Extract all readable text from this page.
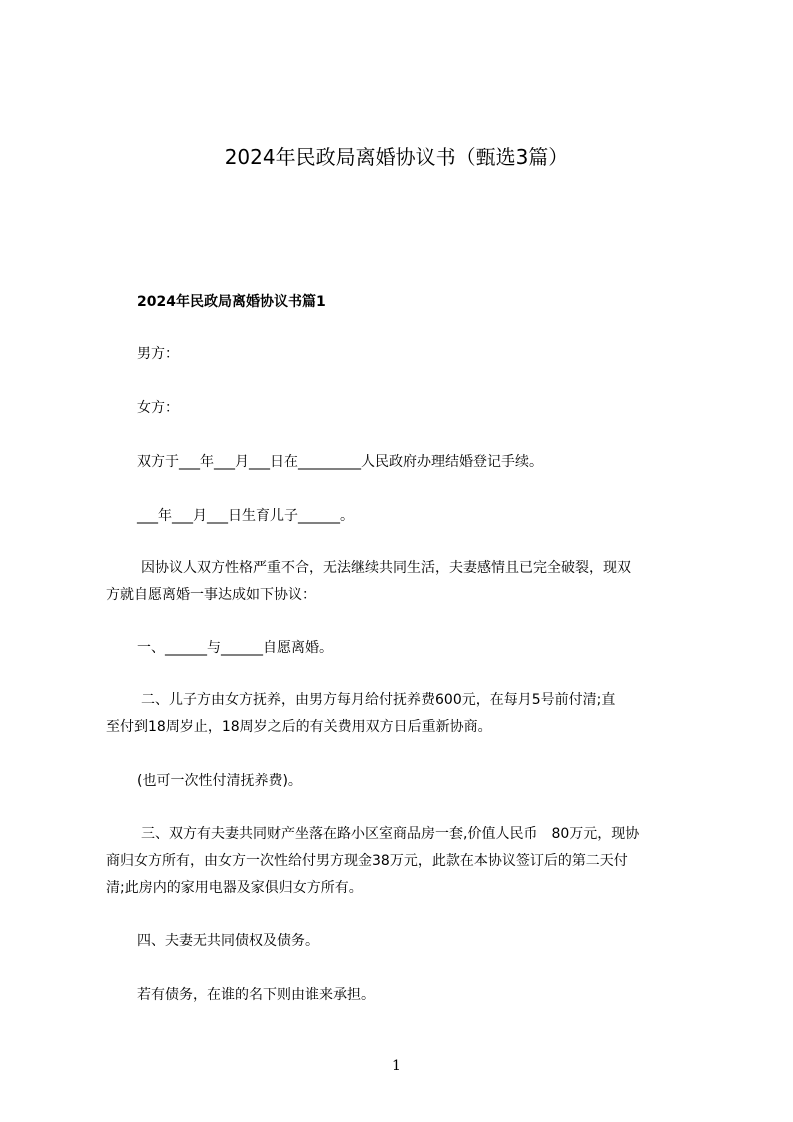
2024年民政局离婚协议书（甄选3篇）
2024年民政局离婚协议书篇1
男方：
女方：
双方于___年___月___日在_________人民政府办理结婚登记手续。
___年___月___日生育儿子______。
因协议人双方性格严重不合，无法继续共同生活，夫妻感情且已完全破裂，现双
方就自愿离婚一事达成如下协议：
一、______与______自愿离婚。
二、儿子方由女方抚养，由男方每月给付抚养费600元，在每月5号前付清;直
至付到18周岁止，18周岁之后的有关费用双方日后重新协商。
(也可一次性付清抚养费)。
三、双方有夫妻共同财产坐落在路小区室商品房一套,价值人民币　80万元，现协
商归女方所有，由女方一次性给付男方现金38万元，此款在本协议签订后的第二天付
清;此房内的家用电器及家俱归女方所有。
四、夫妻无共同债权及债务。
若有债务，在谁的名下则由谁来承担。
1
